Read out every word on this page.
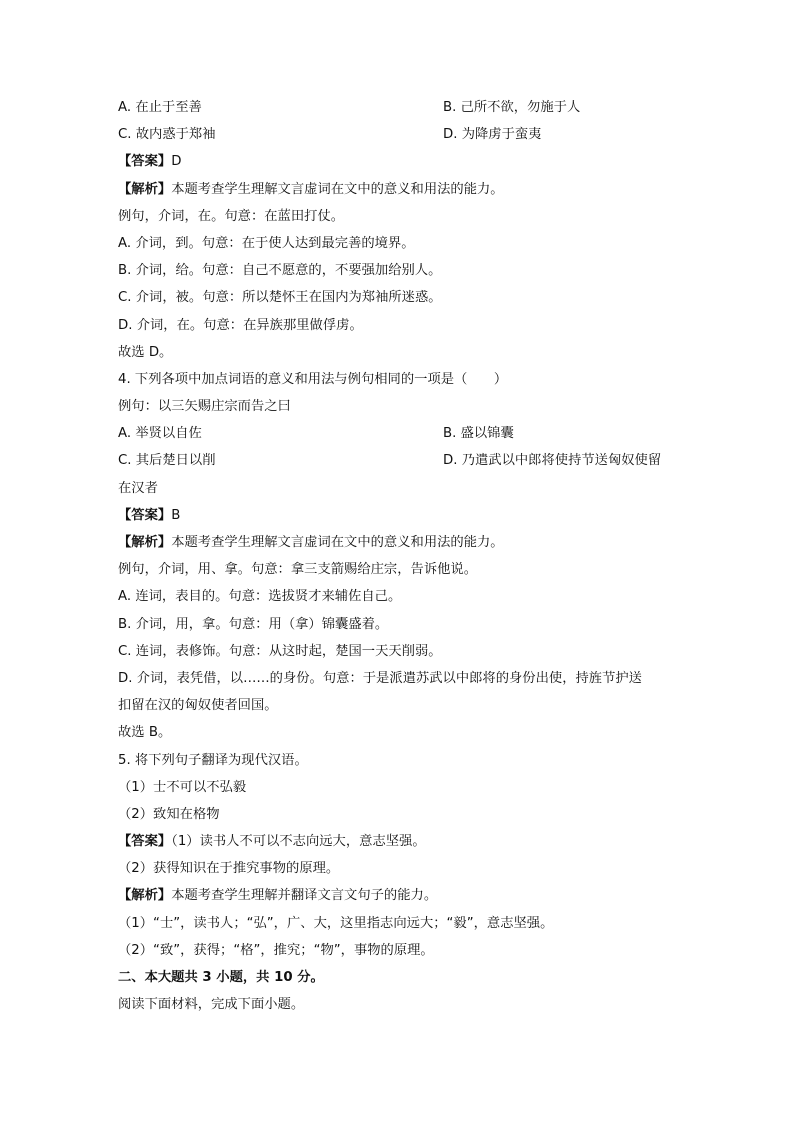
A. 在止于至善	B. 己所不欲，勿施于人
C. 故内惑于郑袖	D. 为降虏于蛮夷

【答案】D

【解析】本题考查学生理解文言虚词在文中的意义和用法的能力。

例句，介词，在。句意：在蓝田打仗。

A. 介词，到。句意：在于使人达到最完善的境界。

B. 介词，给。句意：自己不愿意的，不要强加给别人。

C. 介词，被。句意：所以楚怀王在国内为郑袖所迷惑。

D. 介词，在。句意：在异族那里做俘虏。

故选 D。

4. 下列各项中加点词语的意义和用法与例句相同的一项是（　　）

例句：以三矢赐庄宗而告之曰

A. 举贤以自佐	B. 盛以锦囊
C. 其后楚日以削	D. 乃遣武以中郎将使持节送匈奴使留

在汉者

【答案】B

【解析】本题考查学生理解文言虚词在文中的意义和用法的能力。

例句，介词，用、拿。句意：拿三支箭赐给庄宗，告诉他说。

A. 连词，表目的。句意：选拔贤才来辅佐自己。

B. 介词，用，拿。句意：用（拿）锦囊盛着。

C. 连词，表修饰。句意：从这时起，楚国一天天削弱。

D. 介词，表凭借，以……的身份。句意：于是派遣苏武以中郎将的身份出使，持旌节护送

扣留在汉的匈奴使者回国。

故选 B。

5. 将下列句子翻译为现代汉语。

（1）士不可以不弘毅

（2）致知在格物

【答案】（1）读书人不可以不志向远大，意志坚强。

（2）获得知识在于推究事物的原理。

【解析】本题考查学生理解并翻译文言文句子的能力。

（1）“士”，读书人；“弘”，广、大，这里指志向远大；“毅”，意志坚强。

（2）“致”，获得；“格”，推究；“物”，事物的原理。

二、本大题共 3 小题，共 10 分。

阅读下面材料，完成下面小题。
